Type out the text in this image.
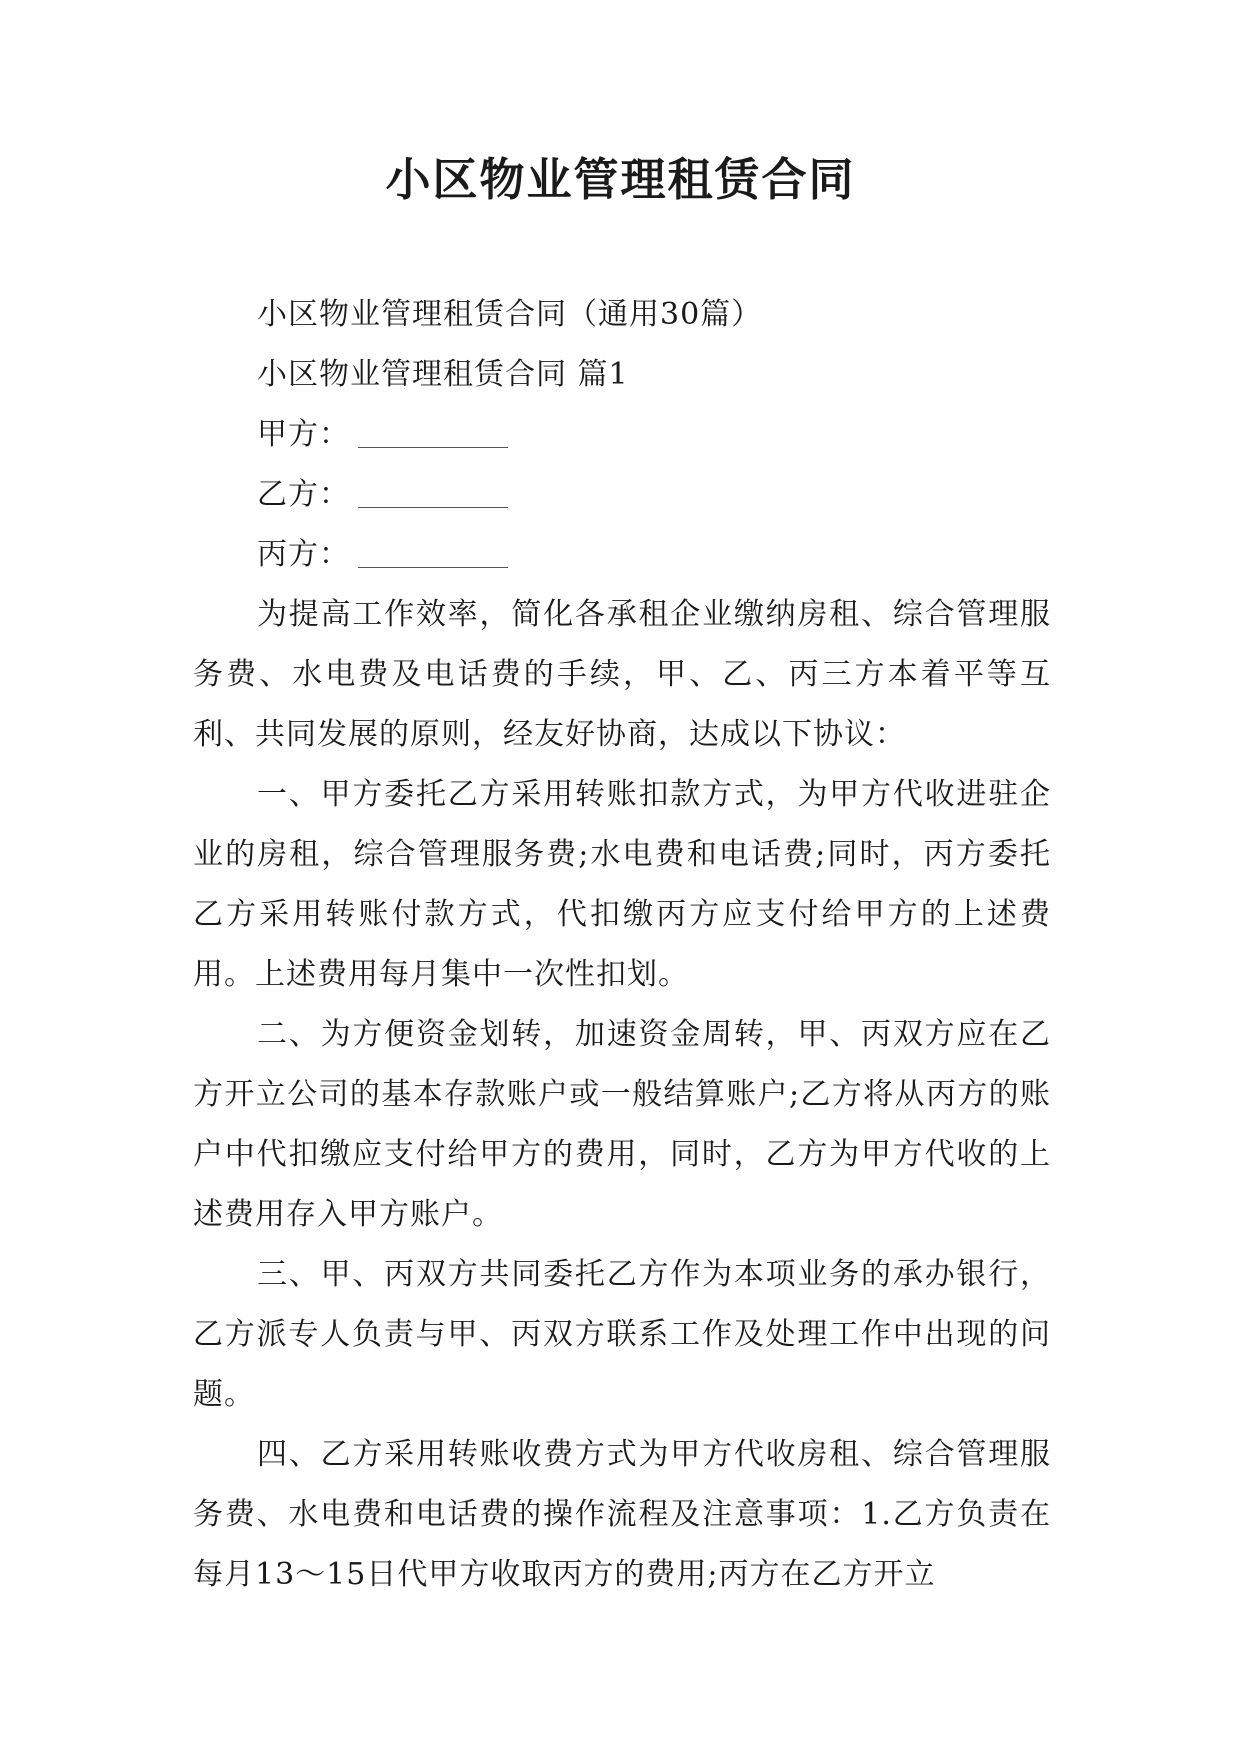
小区物业管理租赁合同

小区物业管理租赁合同（通用30篇）

小区物业管理租赁合同 篇1

甲方：

乙方：

丙方：

为提高工作效率，简化各承租企业缴纳房租、综合管理服务费、水电费及电话费的手续，甲、乙、丙三方本着平等互利、共同发展的原则，经友好协商，达成以下协议：

一、甲方委托乙方采用转账扣款方式，为甲方代收进驻企业的房租，综合管理服务费;水电费和电话费;同时，丙方委托乙方采用转账付款方式，代扣缴丙方应支付给甲方的上述费用。上述费用每月集中一次性扣划。

二、为方便资金划转，加速资金周转，甲、丙双方应在乙方开立公司的基本存款账户或一般结算账户;乙方将从丙方的账户中代扣缴应支付给甲方的费用，同时，乙方为甲方代收的上述费用存入甲方账户。

三、甲、丙双方共同委托乙方作为本项业务的承办银行，乙方派专人负责与甲、丙双方联系工作及处理工作中出现的问题。

四、乙方采用转账收费方式为甲方代收房租、综合管理服务费、水电费和电话费的操作流程及注意事项：1.乙方负责在每月13～15日代甲方收取丙方的费用;丙方在乙方开立
